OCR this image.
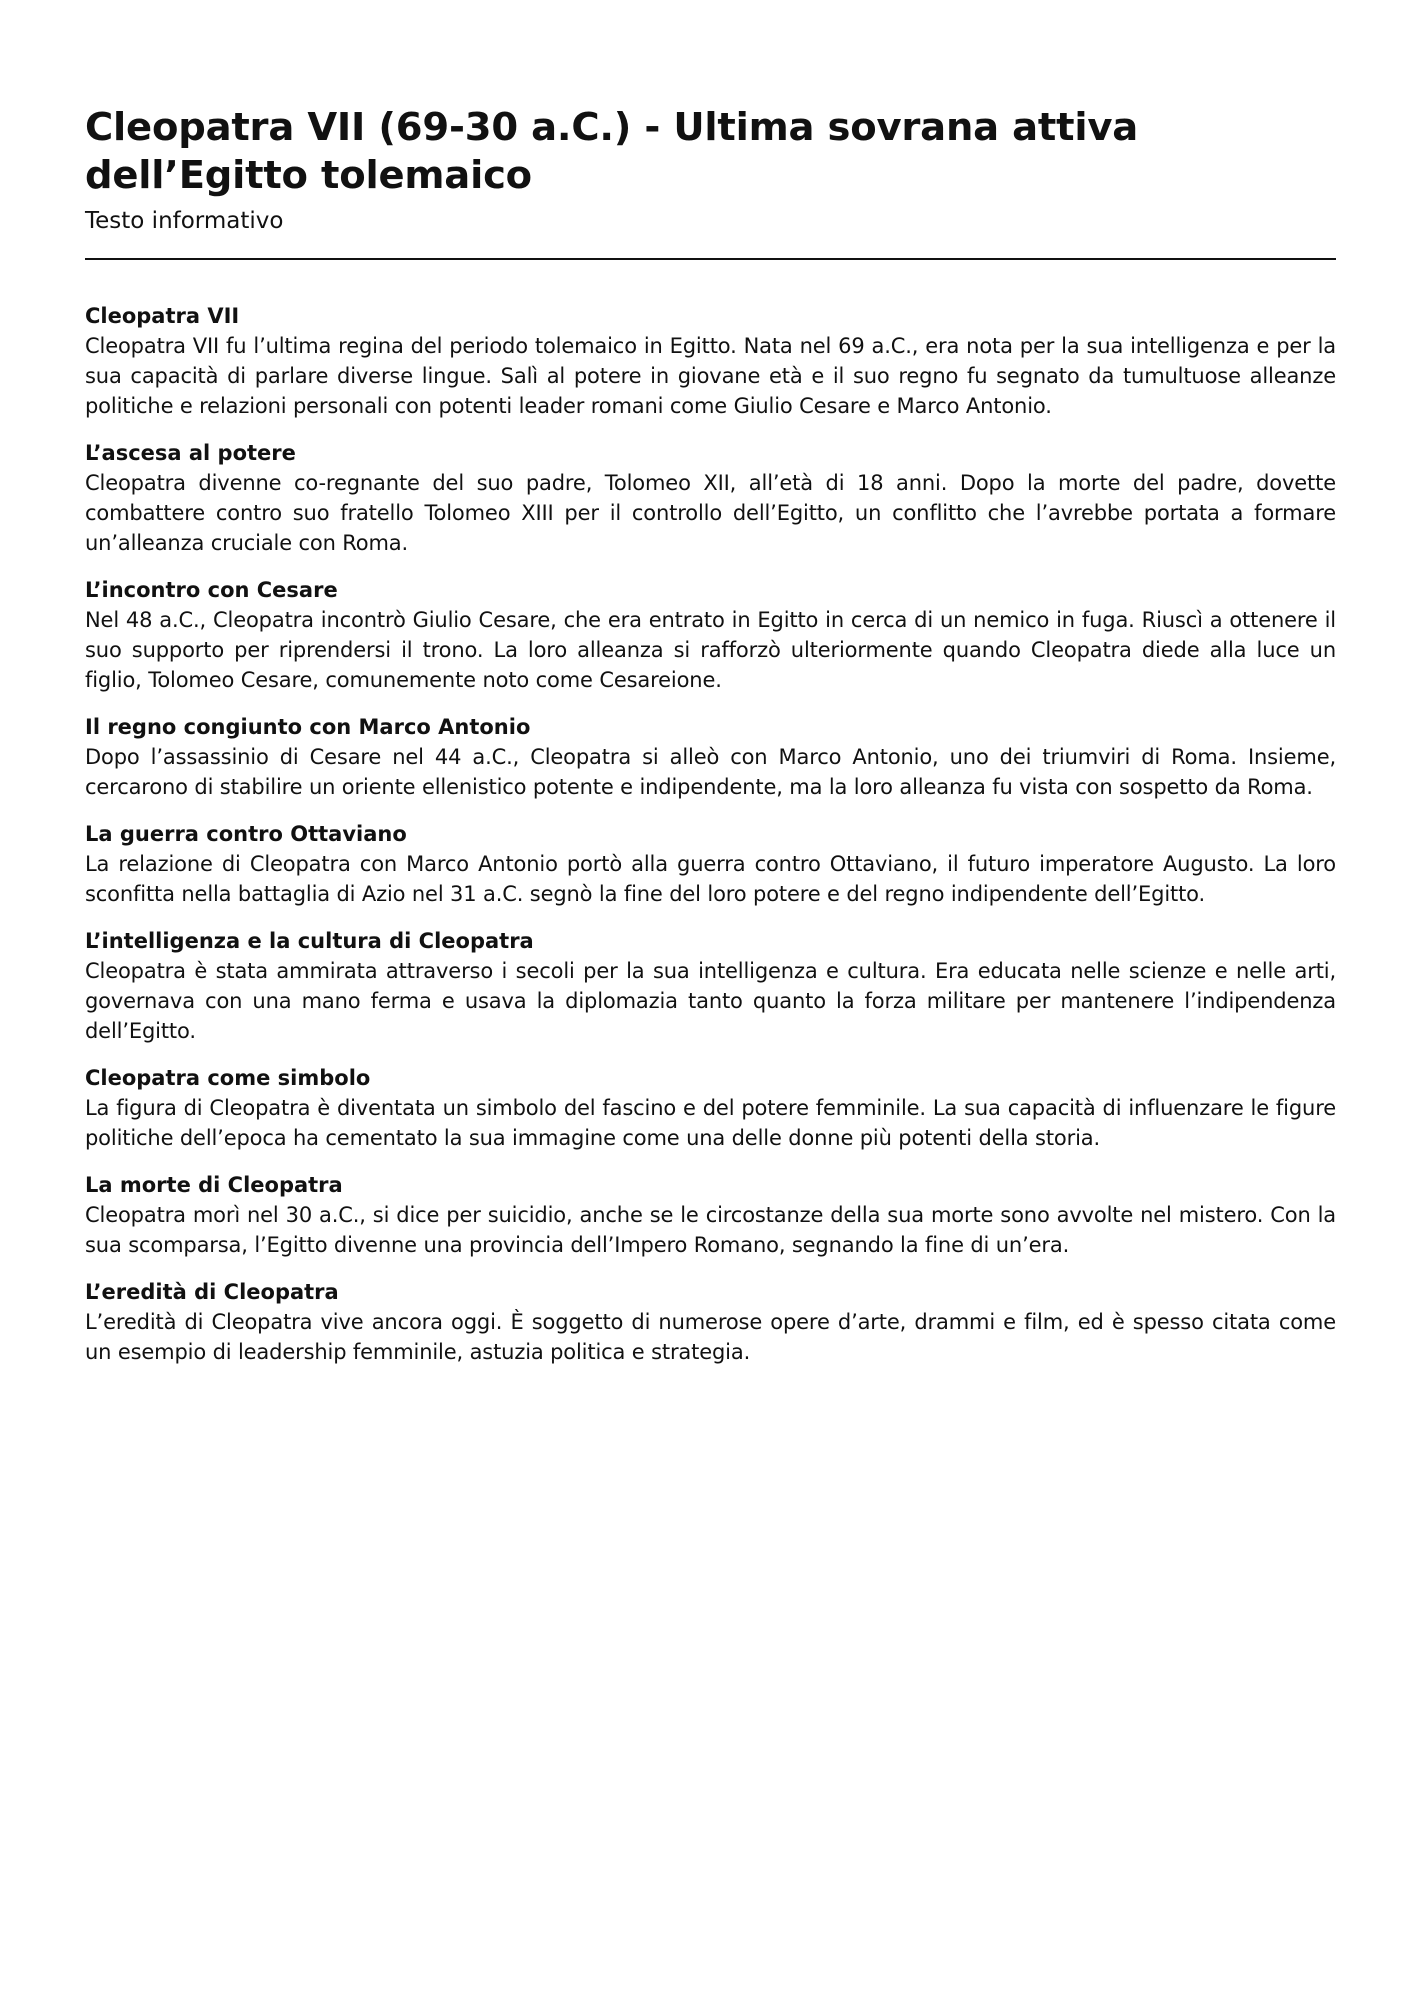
Cleopatra VII (69-30 a.C.) - Ultima sovrana attiva dell’Egitto tolemaico

Testo informativo

Cleopatra VII

Cleopatra VII fu l’ultima regina del periodo tolemaico in Egitto. Nata nel 69 a.C., era nota per la sua intelligenza e per la sua capacità di parlare diverse lingue. Salì al potere in giovane età e il suo regno fu segnato da tumultuose alleanze politiche e relazioni personali con potenti leader romani come Giulio Cesare e Marco Antonio.

L’ascesa al potere

Cleopatra divenne co-regnante del suo padre, Tolomeo XII, all’età di 18 anni. Dopo la morte del padre, dovette combattere contro suo fratello Tolomeo XIII per il controllo dell’Egitto, un conflitto che l’avrebbe portata a formare un’alleanza cruciale con Roma.

L’incontro con Cesare

Nel 48 a.C., Cleopatra incontrò Giulio Cesare, che era entrato in Egitto in cerca di un nemico in fuga. Riuscì a ottenere il suo supporto per riprendersi il trono. La loro alleanza si rafforzò ulteriormente quando Cleopatra diede alla luce un figlio, Tolomeo Cesare, comunemente noto come Cesareione.

Il regno congiunto con Marco Antonio

Dopo l’assassinio di Cesare nel 44 a.C., Cleopatra si alleò con Marco Antonio, uno dei triumviri di Roma. Insieme, cercarono di stabilire un oriente ellenistico potente e indipendente, ma la loro alleanza fu vista con sospetto da Roma.

La guerra contro Ottaviano

La relazione di Cleopatra con Marco Antonio portò alla guerra contro Ottaviano, il futuro imperatore Augusto. La loro sconfitta nella battaglia di Azio nel 31 a.C. segnò la fine del loro potere e del regno indipendente dell’Egitto.

L’intelligenza e la cultura di Cleopatra

Cleopatra è stata ammirata attraverso i secoli per la sua intelligenza e cultura. Era educata nelle scienze e nelle arti, governava con una mano ferma e usava la diplomazia tanto quanto la forza militare per mantenere l’indipendenza dell’Egitto.

Cleopatra come simbolo

La figura di Cleopatra è diventata un simbolo del fascino e del potere femminile. La sua capacità di influenzare le figure politiche dell’epoca ha cementato la sua immagine come una delle donne più potenti della storia.

La morte di Cleopatra

Cleopatra morì nel 30 a.C., si dice per suicidio, anche se le circostanze della sua morte sono avvolte nel mistero. Con la sua scomparsa, l’Egitto divenne una provincia dell’Impero Romano, segnando la fine di un’era.

L’eredità di Cleopatra

L’eredità di Cleopatra vive ancora oggi. È soggetto di numerose opere d’arte, drammi e film, ed è spesso citata come un esempio di leadership femminile, astuzia politica e strategia.
